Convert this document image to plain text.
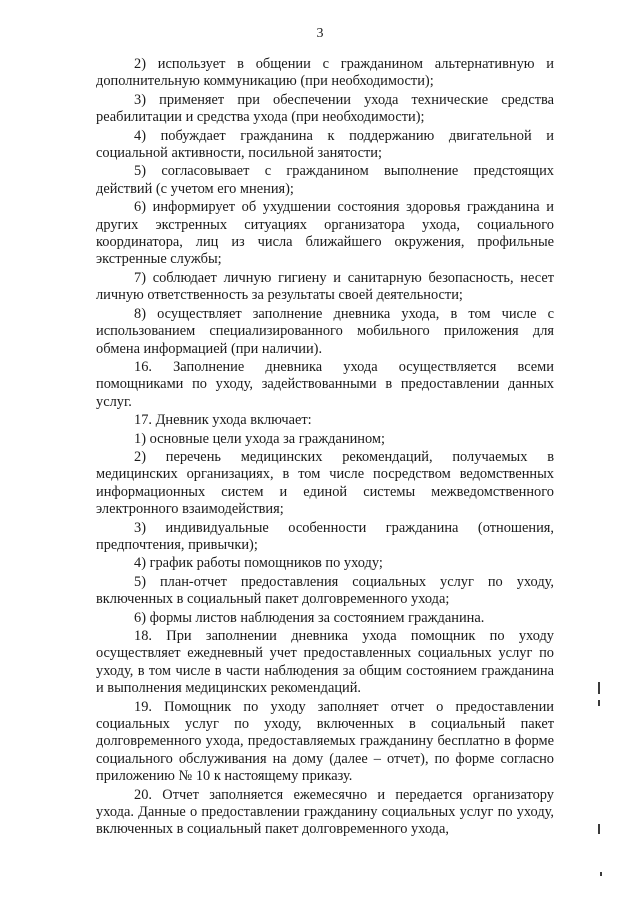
3

2) использует в общении с гражданином альтернативную и дополнительную коммуникацию (при необходимости);

3) применяет при обеспечении ухода технические средства реабилитации и средства ухода (при необходимости);

4) побуждает гражданина к поддержанию двигательной и социальной активности, посильной занятости;

5) согласовывает с гражданином выполнение предстоящих действий (с учетом его мнения);

6) информирует об ухудшении состояния здоровья гражданина и других экстренных ситуациях организатора ухода, социального координатора, лиц из числа ближайшего окружения, профильные экстренные службы;

7) соблюдает личную гигиену и санитарную безопасность, несет личную ответственность за результаты своей деятельности;

8) осуществляет заполнение дневника ухода, в том числе с использованием специализированного мобильного приложения для обмена информацией (при наличии).

16. Заполнение дневника ухода осуществляется всеми помощниками по уходу, задействованными в предоставлении данных услуг.

17. Дневник ухода включает:

1) основные цели ухода за гражданином;

2) перечень медицинских рекомендаций, получаемых в медицинских организациях, в том числе посредством ведомственных информационных систем и единой системы межведомственного электронного взаимодействия;

3) индивидуальные особенности гражданина (отношения, предпочтения, привычки);

4) график работы помощников по уходу;

5) план-отчет предоставления социальных услуг по уходу, включенных в социальный пакет долговременного ухода;

6) формы листов наблюдения за состоянием гражданина.

18. При заполнении дневника ухода помощник по уходу осуществляет ежедневный учет предоставленных социальных услуг по уходу, в том числе в части наблюдения за общим состоянием гражданина и выполнения медицинских рекомендаций.

19. Помощник по уходу заполняет отчет о предоставлении социальных услуг по уходу, включенных в социальный пакет долговременного ухода, предоставляемых гражданину бесплатно в форме социального обслуживания на дому (далее – отчет), по форме согласно приложению № 10 к настоящему приказу.

20. Отчет заполняется ежемесячно и передается организатору ухода. Данные о предоставлении гражданину социальных услуг по уходу, включенных в социальный пакет долговременного ухода,
